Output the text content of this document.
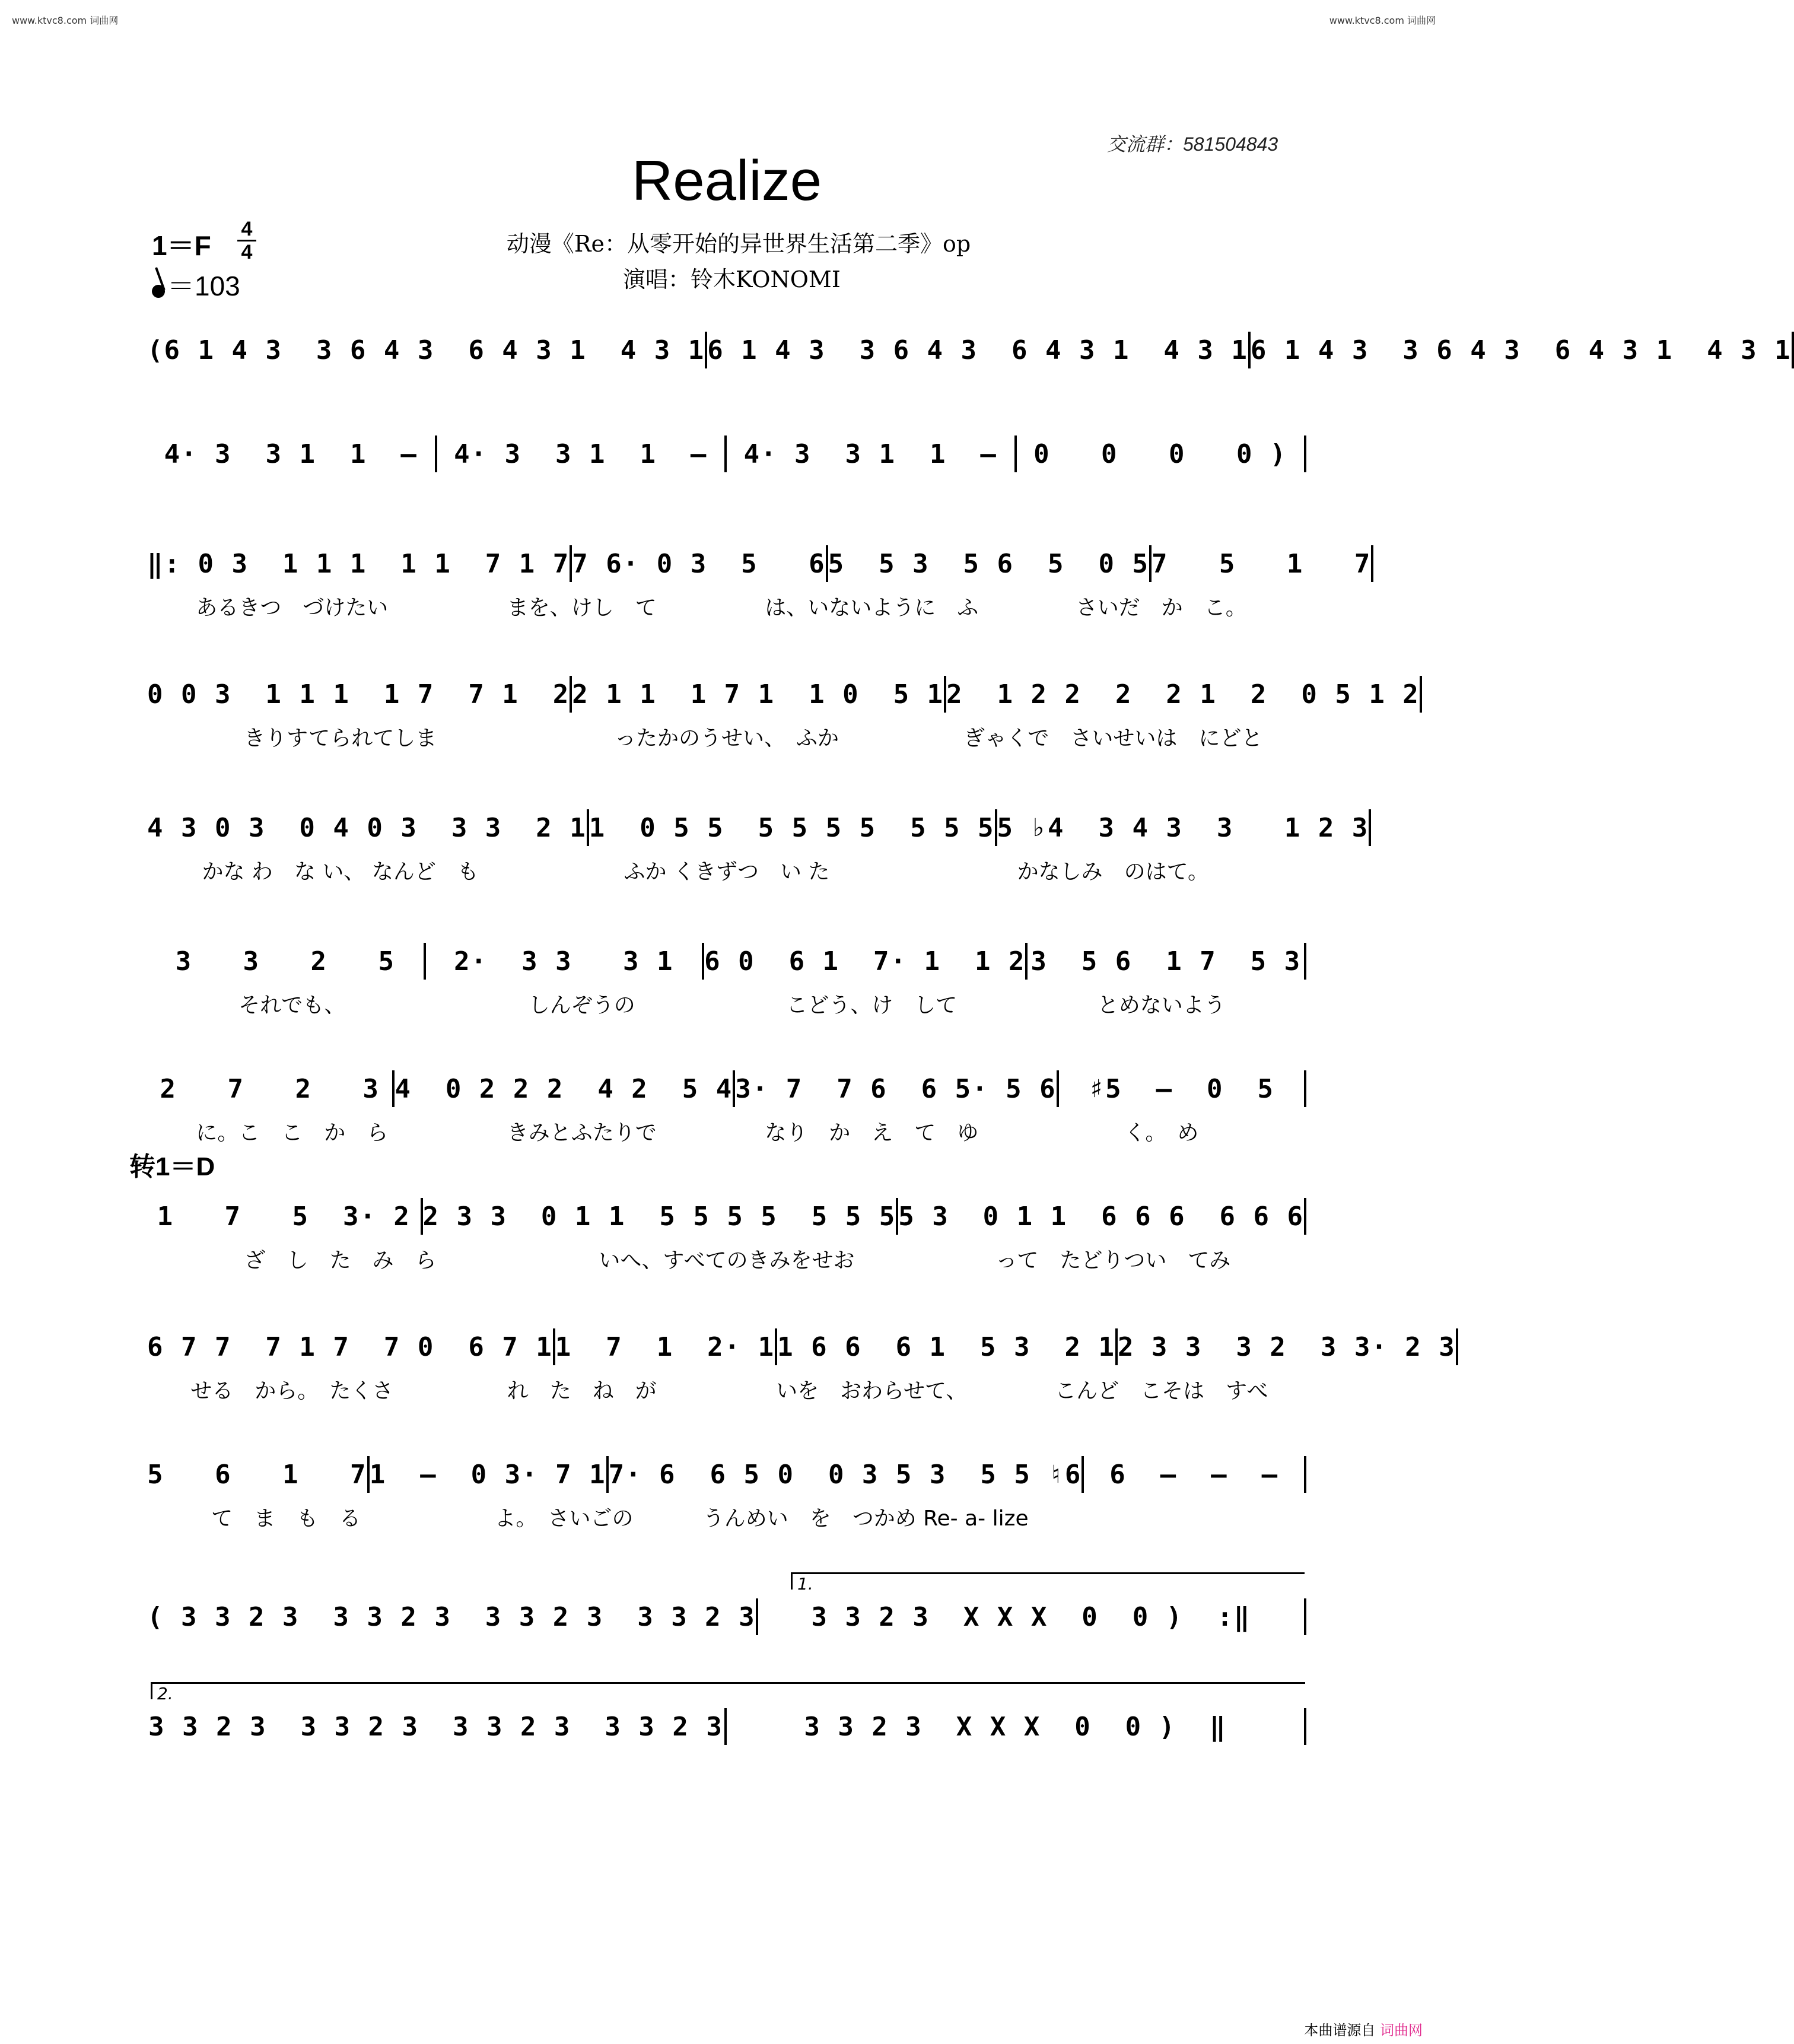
www.ktvc8.com 词曲网	www.ktvc8.com 词曲网
交流群：581504843
Realize
1＝F
4
4
＝103
动漫《Re：从零开始的异世界生活第二季》op
演唱：铃木KONOMI
转1＝D
(6 1 4 3  3 6 4 3  6 4 3 1  4 3 1 6 1 4 3  3 6 4 3  6 4 3 1  4 3 1 6 1 4 3  3 6 4 3  6 4 3 1  4 3 1
4· 3  3 1  1  –	4· 3  3 1  1  –	4· 3  3 1  1  –	0   0   0   0 )
‖: 0 3  1 1 1  1 1  7 1 7 7 6· 0 3  5   6 5  5 3  5 6  5  0 5 7   5   1   7
あるきつ　づけたい	まを、けし　て	は、いないように　ふ	さいだ　か　こ。
0 0 3  1 1 1  1 7  7 1  2 2 1 1  1 7 1  1 0  5 1 2  1 2 2  2  2 1  2  0 5 1 2
きりすてられてしま	ったかのうせい、　ふか	ぎゃくで　さいせいは　にどと
4 3 0 3  0 4 0 3  3 3  2 1 1  0 5 5  5 5 5 5  5 5 5 5 ♭4  3 4 3  3   1 2 3
かな わ　な い、 なんど　も	ふか くきずつ　い た	かなしみ　のはて。
3   3   2   5	2·  3 3   3 1	6 0  6 1  7· 1  1 2 3  5 6  1 7  5 3
それでも、	しんぞうの	こどう、け　して	とめないよう
2   7   2   3 4  0 2 2 2  4 2  5 4 3· 7  7 6  6 5· 5 6	♯5  –  0  5
に。こ　こ　か　ら	きみとふたりで	なり　か　え　て　ゆ	く。　め
1   7   5  3· 2 2 3 3  0 1 1  5 5 5 5  5 5 5 5 3  0 1 1  6 6 6  6 6 6
ざ　し　た　み　ら	いへ、すべてのきみをせお	って　たどりつい　てみ
6 7 7  7 1 7  7 0  6 7 1 1  7  1  2· 1 1 6 6  6 1  5 3  2 1 2 3 3  3 2  3 3· 2 3
せる　から。　たくさ	れ　た　ね　が	いを　おわらせて、	こんど　こそは　すべ
5   6   1   7 1  –  0 3· 7 1 7· 6  6 5 0  0 3 5 3  5 5 ♮6	6  –  –  –
て　ま　も　る	よ。　さいごの	うんめい　を　つかめ Re- a- lize
1.
( 3 3 2 3  3 3 2 3  3 3 2 3  3 3 2 3	3 3 2 3  X X X  0  0 )  :‖
2.
3 3 2 3  3 3 2 3  3 3 2 3  3 3 2 3	3 3 2 3  X X X  0  0 )  ‖
本曲谱源自 词曲网
